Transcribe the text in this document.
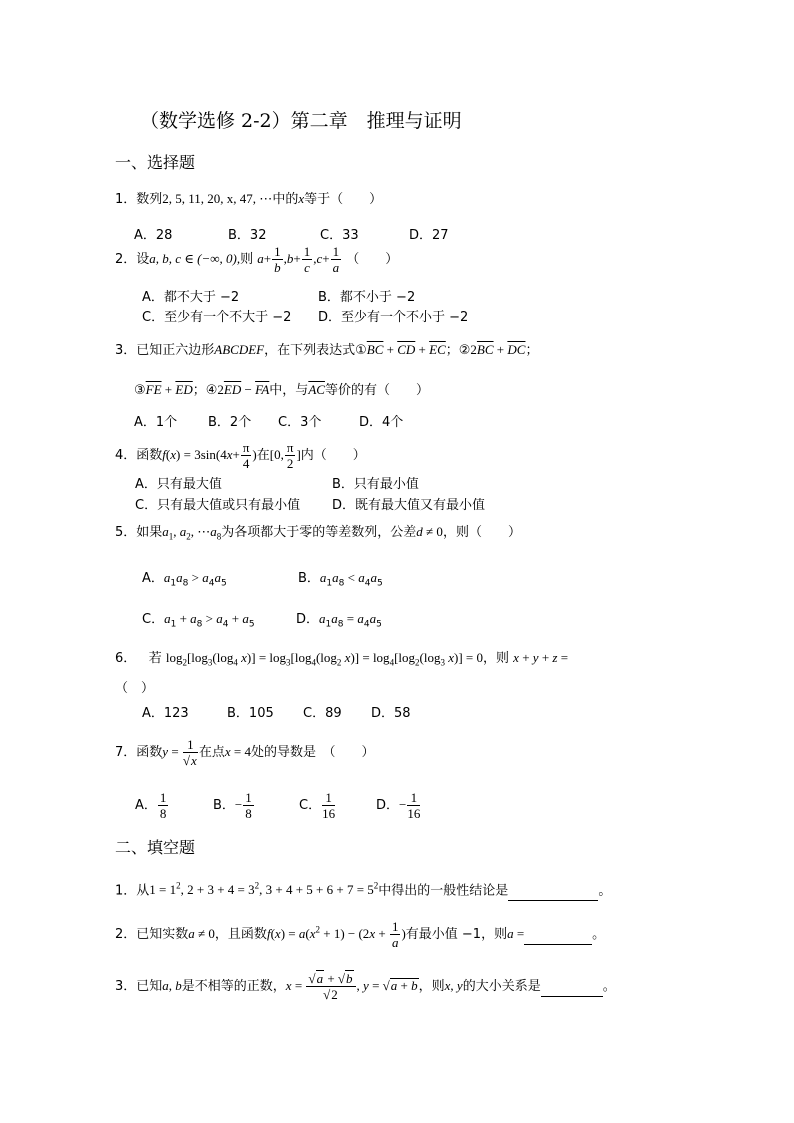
（数学选修 2-2）第二章　推理与证明
一、选择题
1．数列2, 5, 11, 20, x, 47, ⋯中的x等于（　　）
A．28	B．32	C．33	D．27
2．设a, b, c ∈ (−∞, 0),则 $a+ \frac{1}{b} ,b+ \frac{1}{c} ,c+ \frac{1}{a}$ （　　）
A．都不大于 −2	B．都不小于 −2
C．至少有一个不大于 −2 D．至少有一个不小于 −2
3．已知正六边形ABCDEF，在下列表达式$①\overline{BC} + \overline{CD} + \overline{EC}$；$②2\overline{BC} + \overline{DC}$；
$③\overline{FE} + \overline{ED}$；$④2\overline{ED} - \overline{FA}$中，与$\overline{AC}$等价的有（　　）
A．1个 B．2个 C．3个	D．4个
4．函数$f(x) = 3\sin(4x+ \frac{\pi}{4}$ )在[0, $\frac{\pi}{2}$ ]内（　　）
A．只有最大值	B．只有最小值
C．只有最大值或只有最小值 D．既有最大值又有最小值
5．如果$a_1$, $a_2$, $\cdots a_8$为各项都大于零的等差数列，公差d ≠ 0，则（　　）
A．$a_1a_8 > a_4a_5$	B．$a_1a_8 < a_4a_5$
C．$a_1 + a_8 > a_4 + a_5$	D．$a_1a_8 = a_4a_5$
6． 若 $\log_2[\log_3(\log_4$ $x)] = \log_3[\log_4(\log_2$ $x)] = \log_4[\log_2(\log_3$ x)] = 0，则 x + y + z =
（　）
A．123	B．105 C．89 D．58
7．函数$y = \frac{1}{√x}$ 在点x = 4处的导数是　（　　）
A． $\frac{1}{8}$	B．− $\frac{1}{8}$	C． $\frac{1}{16}$	D．− $\frac{1}{16}$
二、填空题
1．从$1 = 1^2$, $2 + 3 + 4 = 3^2$, $3 + 4 + 5 + 6 + 7 = 5^2$中得出的一般性结论是	。
2．已知实数a ≠ 0，且函数$f(x) = a(x^2 + 1) - (2x + \frac{1}{a}$ )有最小值 −1，则a =	。
3．已知a, b是不相等的正数，$x = \frac{√a + √b}{√2}$ , y = √a + b，则x, y的大小关系是	。
